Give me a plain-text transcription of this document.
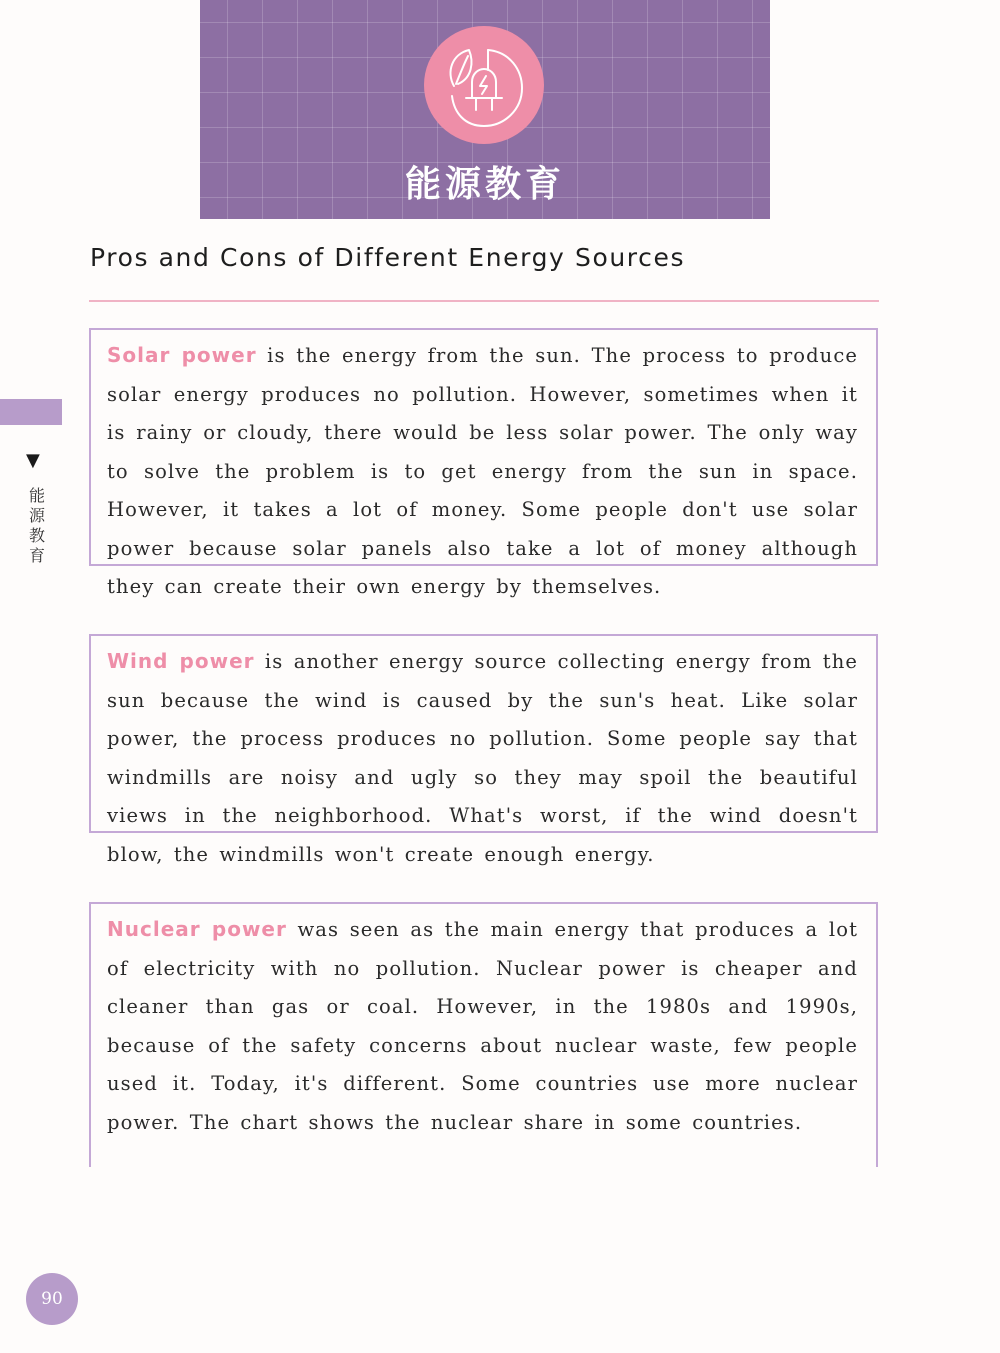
能源教育
Pros and Cons of Different Energy Sources
▼
能
源
教
育

Solar power is the energy from the sun. The process to produce solar energy produces no pollution. However, sometimes when it is rainy or cloudy, there would be less solar power. The only way to solve the problem is to get energy from the sun in space. However, it takes a lot of money. Some people don't use solar power because solar panels also take a lot of money although they can create their own energy by themselves.

Wind power is another energy source collecting energy from the sun because the wind is caused by the sun's heat. Like solar power, the process produces no pollution. Some people say that windmills are noisy and ugly so they may spoil the beautiful views in the neighborhood. What's worst, if the wind doesn't blow, the windmills won't create enough energy.

Nuclear power was seen as the main energy that produces a lot of electricity with no pollution. Nuclear power is cheaper and cleaner than gas or coal. However, in the 1980s and 1990s, because of the safety concerns about nuclear waste, few people used it. Today, it's different. Some countries use more nuclear power. The chart shows the nuclear share in some countries.

90
